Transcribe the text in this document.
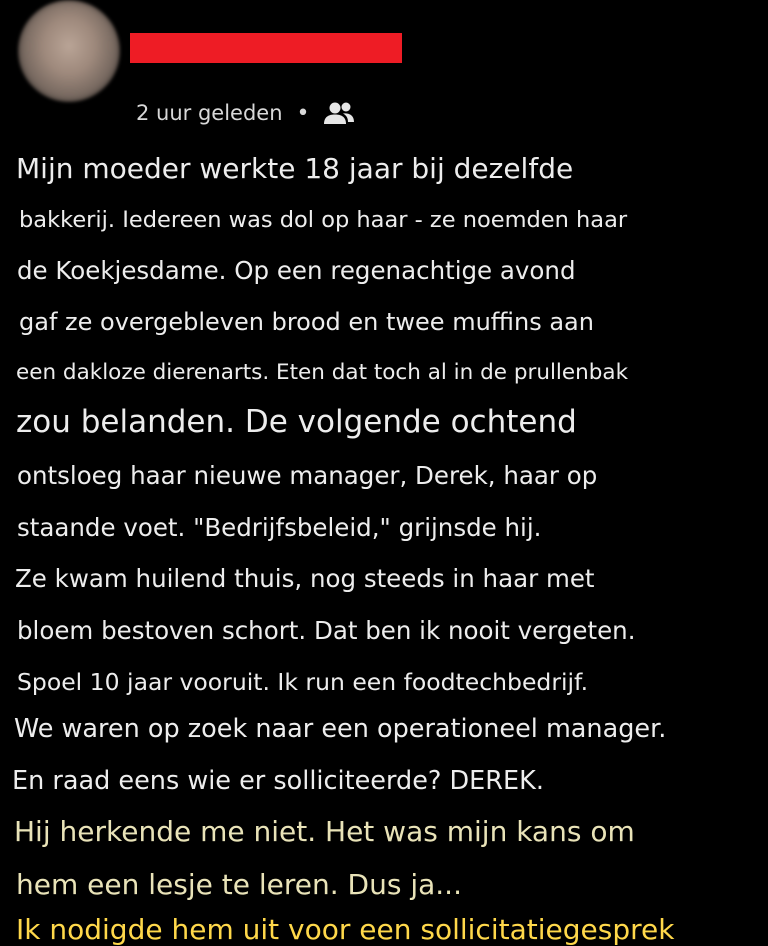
2 uur geleden •

Mijn moeder werkte 18 jaar bij dezelfde

bakkerij. Iedereen was dol op haar - ze noemden haar

de Koekjesdame. Op een regenachtige avond

gaf ze overgebleven brood en twee muffins aan

een dakloze dierenarts. Eten dat toch al in de prullenbak

zou belanden. De volgende ochtend

ontsloeg haar nieuwe manager, Derek, haar op

staande voet. "Bedrijfsbeleid," grijnsde hij.

Ze kwam huilend thuis, nog steeds in haar met

bloem bestoven schort. Dat ben ik nooit vergeten.

Spoel 10 jaar vooruit. Ik run een foodtechbedrijf.

We waren op zoek naar een operationeel manager.

En raad eens wie er solliciteerde? DEREK.

Hij herkende me niet. Het was mijn kans om

hem een lesje te leren. Dus ja...

Ik nodigde hem uit voor een sollicitatiegesprek
